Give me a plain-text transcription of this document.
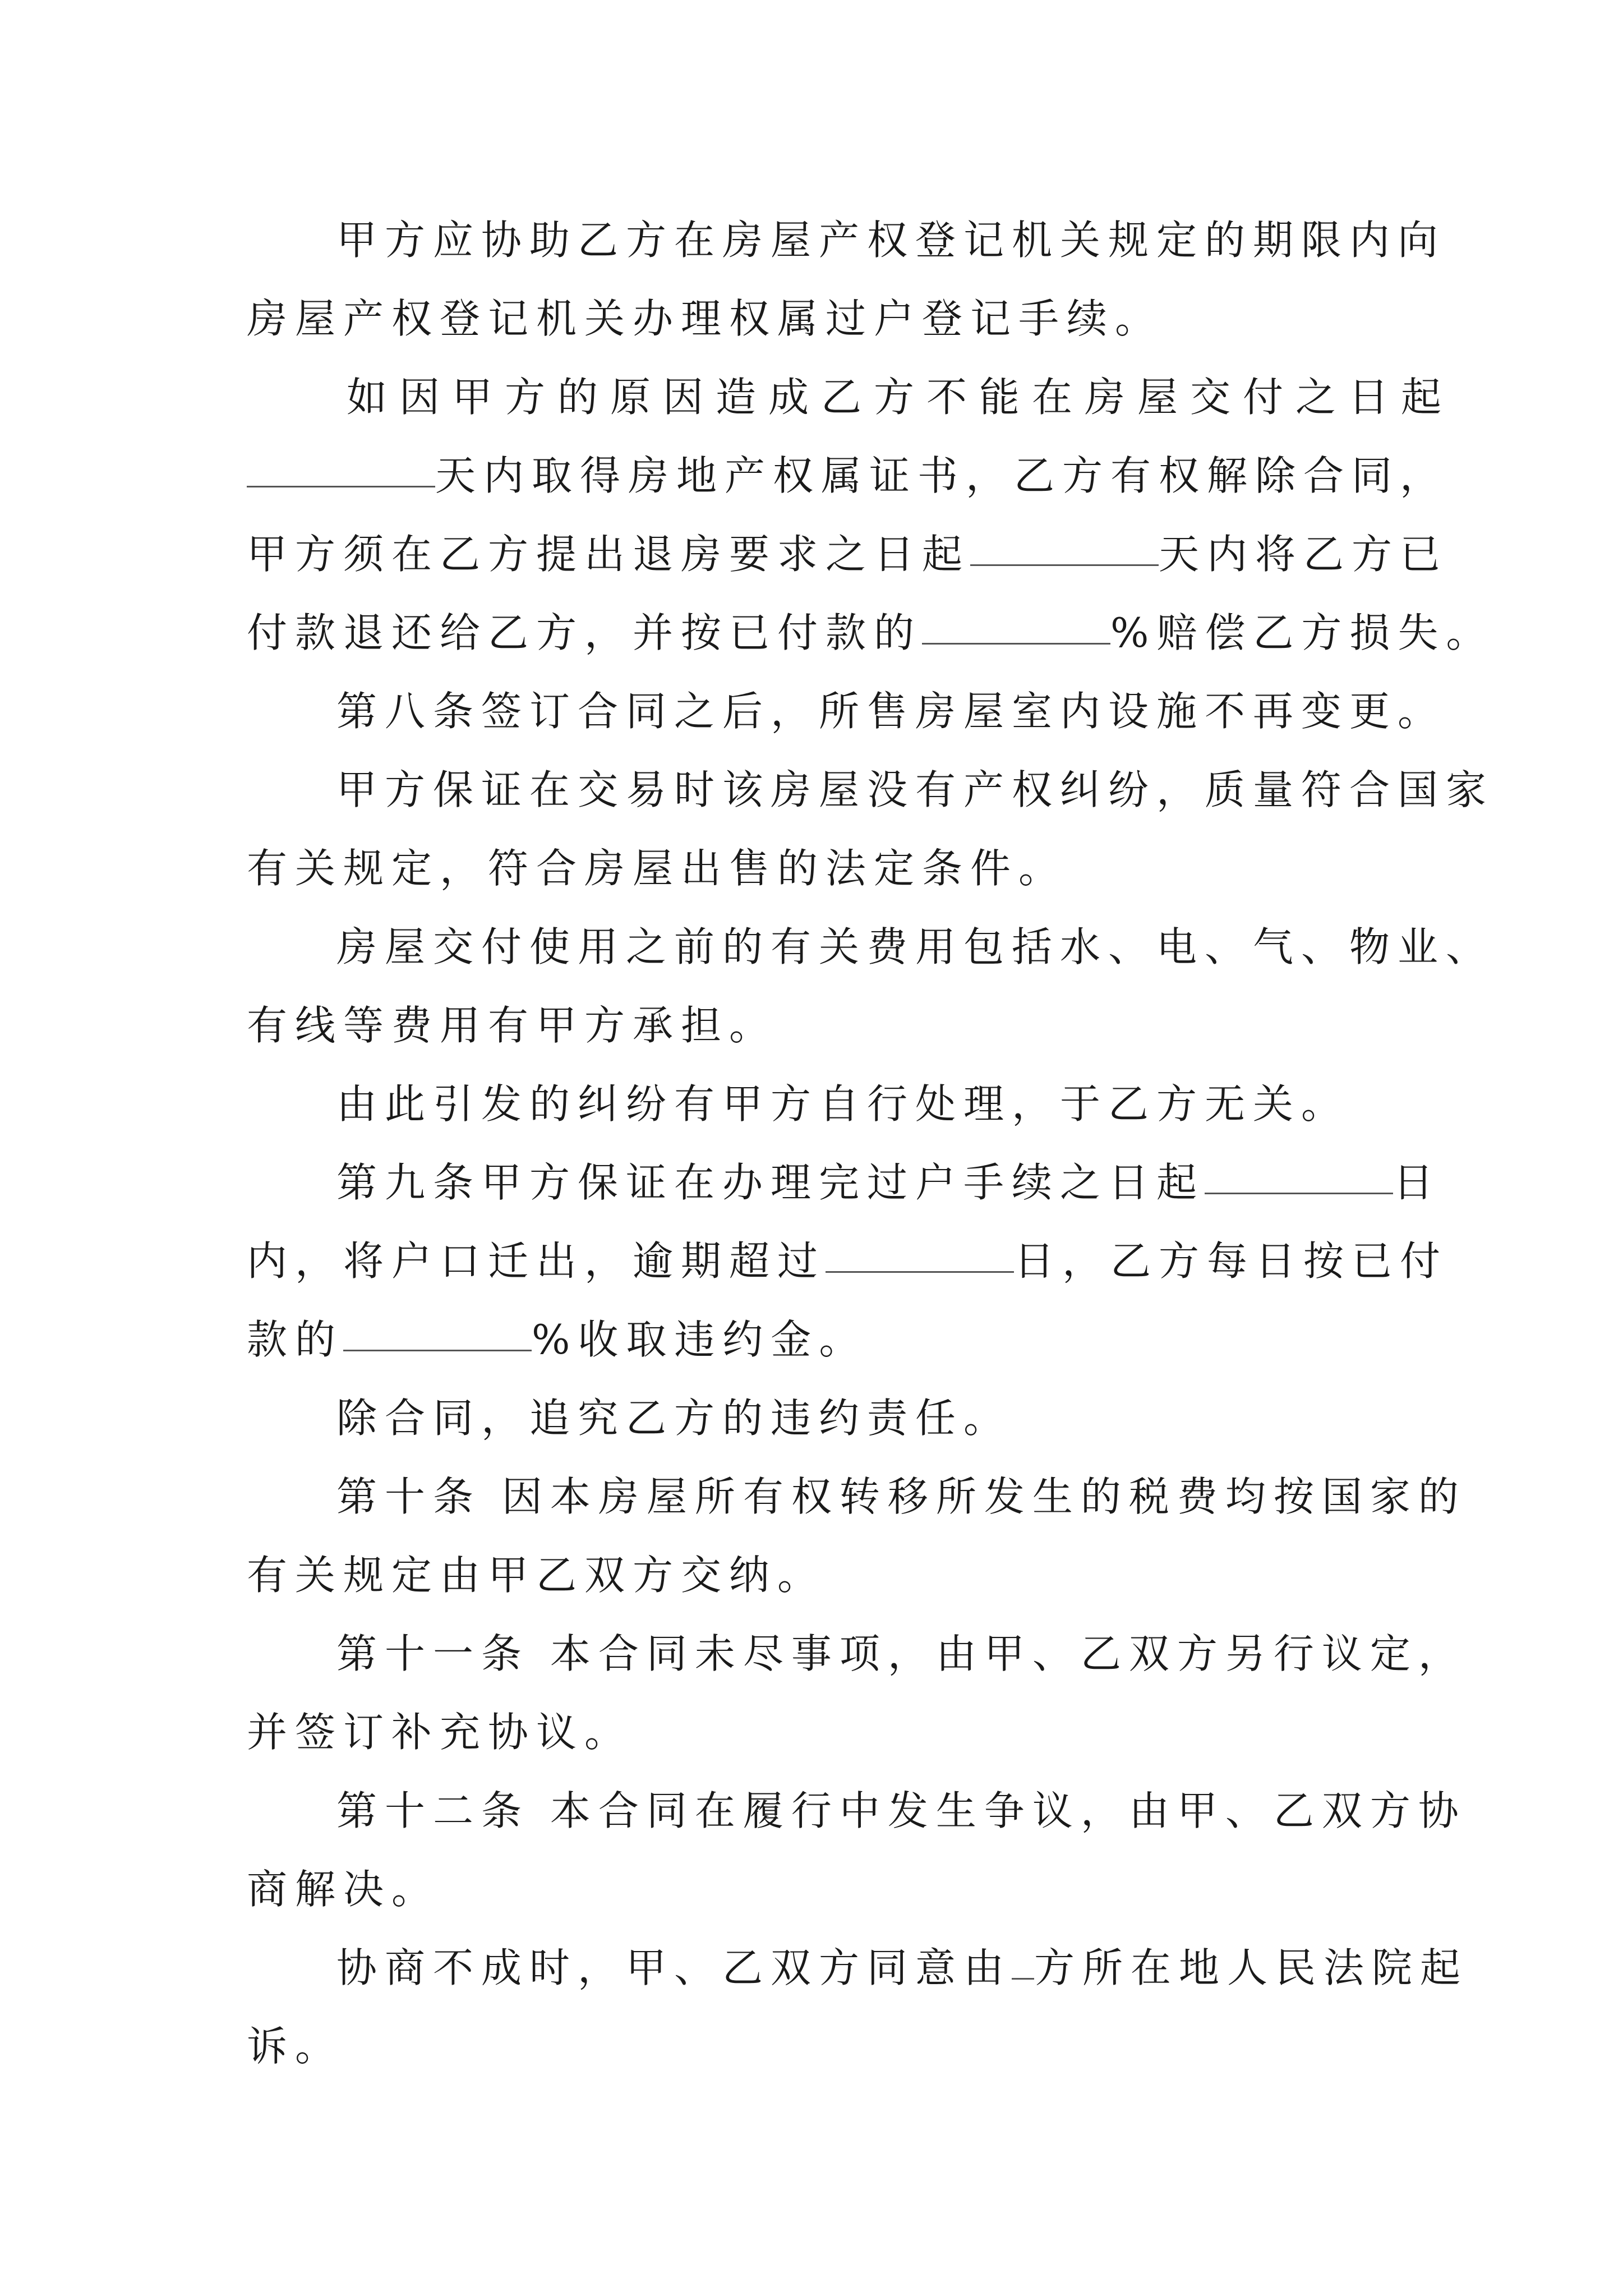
甲方应协助乙方在房屋产权登记机关规定的期限内向

房屋产权登记机关办理权属过户登记手续。

如因甲方的原因造成乙方不能在房屋交付之日起

天内取得房地产权属证书，乙方有权解除合同，

甲方须在乙方提出退房要求之日起	天内将乙方已

付款退还给乙方，并按已付款的	%赔偿乙方损失。

第八条签订合同之后，所售房屋室内设施不再变更。

甲方保证在交易时该房屋没有产权纠纷，质量符合国家

有关规定，符合房屋出售的法定条件。

房屋交付使用之前的有关费用包括水、电、气、物业、

有线等费用有甲方承担。

由此引发的纠纷有甲方自行处理，于乙方无关。

第九条甲方保证在办理完过户手续之日起	日

内，将户口迁出，逾期超过	日，乙方每日按已付

款的	%收取违约金。

除合同，追究乙方的违约责任。

第十条 因本房屋所有权转移所发生的税费均按国家的

有关规定由甲乙双方交纳。

第十一条 本合同未尽事项，由甲、乙双方另行议定，

并签订补充协议。

第十二条 本合同在履行中发生争议，由甲、乙双方协

商解决。

协商不成时，甲、乙双方同意由 方所在地人民法院起

诉。
